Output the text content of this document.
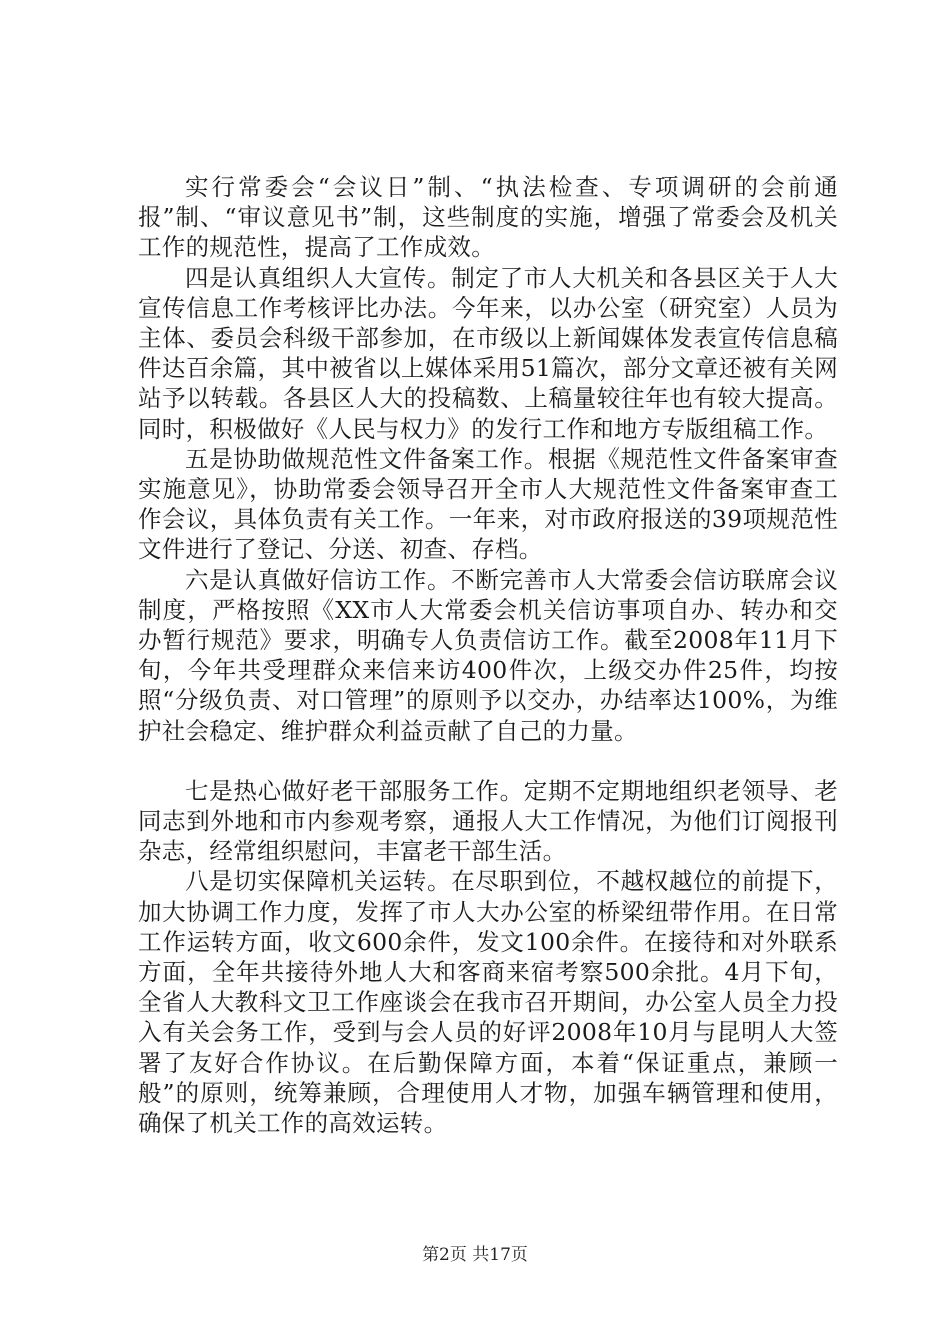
实行常委会“会议日”制、“执法检查、专项调研的会前通报”制、“审议意见书”制，这些制度的实施，增强了常委会及机关工作的规范性，提高了工作成效。

四是认真组织人大宣传。制定了市人大机关和各县区关于人大宣传信息工作考核评比办法。今年来，以办公室（研究室）人员为主体、委员会科级干部参加，在市级以上新闻媒体发表宣传信息稿件达百余篇，其中被省以上媒体采用51篇次，部分文章还被有关网站予以转载。各县区人大的投稿数、上稿量较往年也有较大提高。同时，积极做好《人民与权力》的发行工作和地方专版组稿工作。

五是协助做规范性文件备案工作。根据《规范性文件备案审查实施意见》，协助常委会领导召开全市人大规范性文件备案审查工作会议，具体负责有关工作。一年来，对市政府报送的39项规范性文件进行了登记、分送、初查、存档。

六是认真做好信访工作。不断完善市人大常委会信访联席会议制度，严格按照《XX市人大常委会机关信访事项自办、转办和交办暂行规范》要求，明确专人负责信访工作。截至2008年11月下旬，今年共受理群众来信来访400件次，上级交办件25件，均按照“分级负责、对口管理”的原则予以交办，办结率达100%，为维护社会稳定、维护群众利益贡献了自己的力量。

七是热心做好老干部服务工作。定期不定期地组织老领导、老同志到外地和市内参观考察，通报人大工作情况，为他们订阅报刊杂志，经常组织慰问，丰富老干部生活。

八是切实保障机关运转。在尽职到位，不越权越位的前提下，加大协调工作力度，发挥了市人大办公室的桥梁纽带作用。在日常工作运转方面，收文600余件，发文100余件。在接待和对外联系方面，全年共接待外地人大和客商来宿考察500余批。4月下旬，全省人大教科文卫工作座谈会在我市召开期间，办公室人员全力投入有关会务工作，受到与会人员的好评2008年10月与昆明人大签署了友好合作协议。在后勤保障方面，本着“保证重点，兼顾一般”的原则，统筹兼顾，合理使用人才物，加强车辆管理和使用，确保了机关工作的高效运转。

第2页 共17页
